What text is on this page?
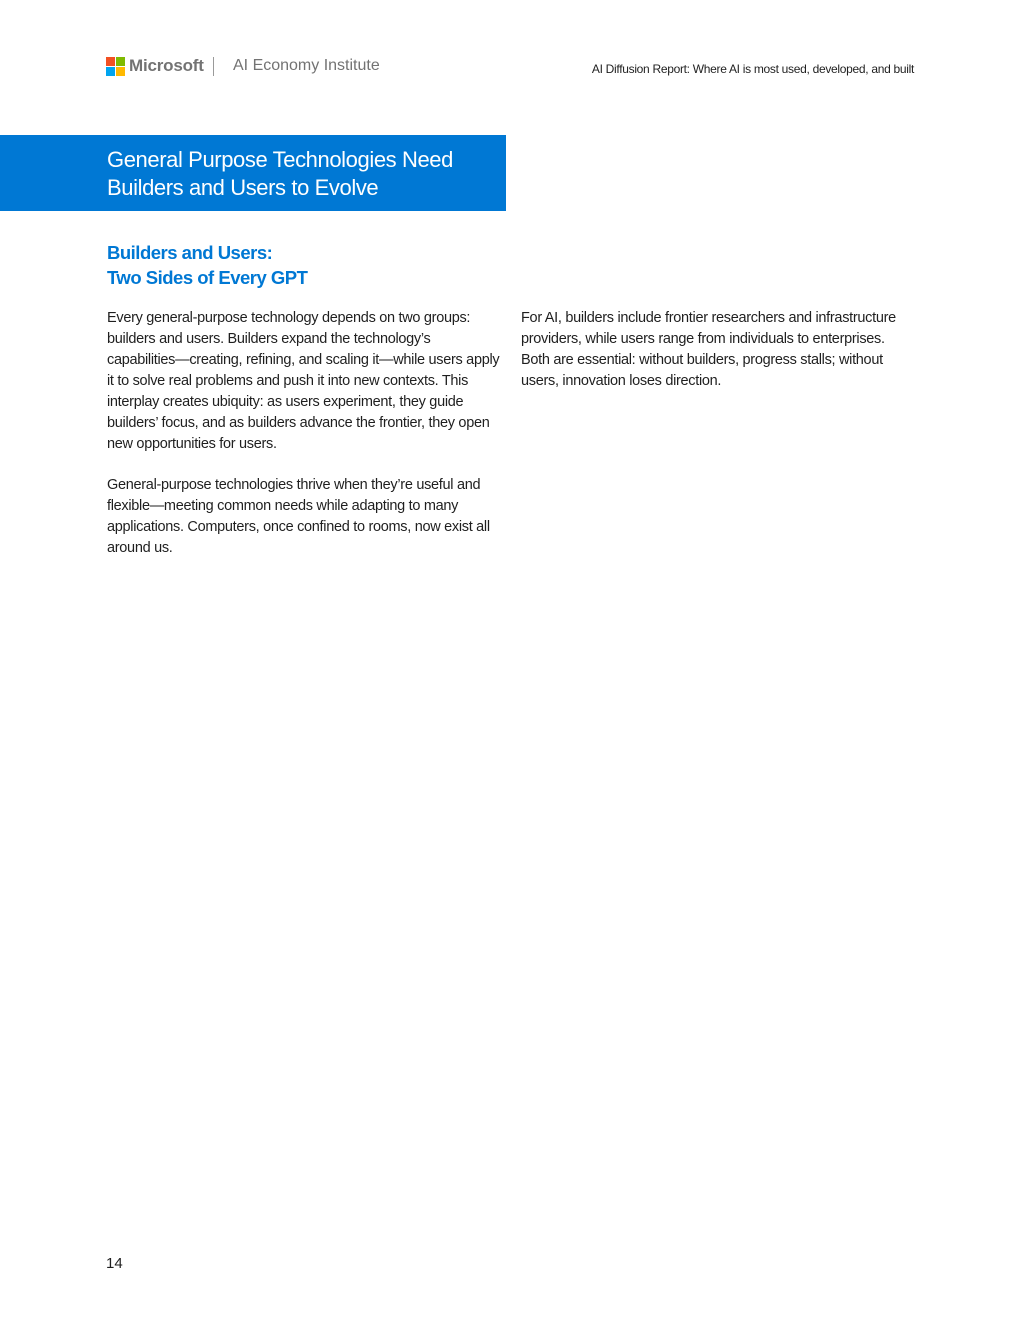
Microsoft AI Economy Institute	AI Diffusion Report: Where AI is most used, developed, and built
General Purpose Technologies Need Builders and Users to Evolve
Builders and Users:
Two Sides of Every GPT

Every general-purpose technology depends on two groups: builders and users. Builders expand the technology’s capabilities—creating, refining, and scaling it—while users apply it to solve real problems and push it into new contexts. This interplay creates ubiquity: as users experiment, they guide builders’ focus, and as builders advance the frontier, they open new opportunities for users.

General-purpose technologies thrive when they’re useful and flexible—meeting common needs while adapting to many applications. Computers, once confined to rooms, now exist all around us.

For AI, builders include frontier researchers and infrastructure providers, while users range from individuals to enterprises. Both are essential: without builders, progress stalls; without users, innovation loses direction.

14
